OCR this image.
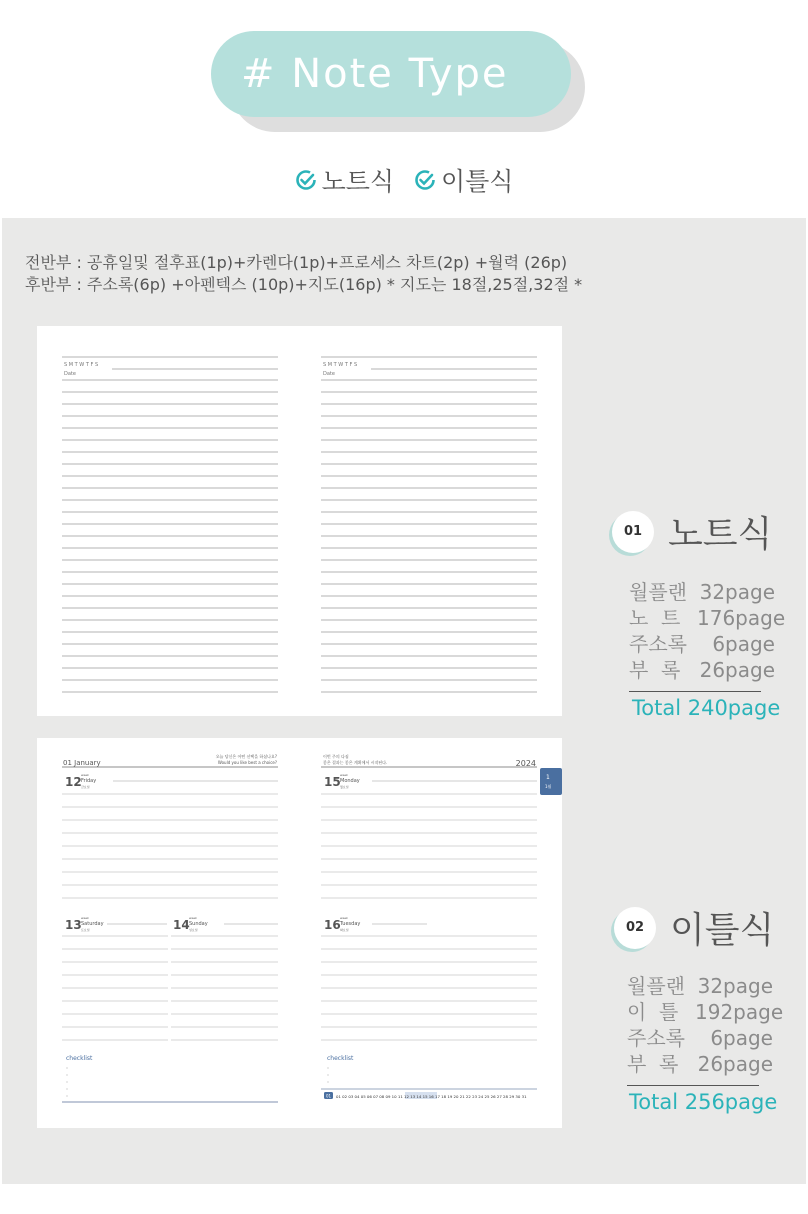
# Note Type
노트식
이틀식
전반부 : 공휴일및 절후표(1p)+카렌다(1p)+프로세스 차트(2p) +월력 (26p)
후반부 : 주소록(6p) +아펜텍스 (10p)+지도(16p) * 지도는 18절,25절,32절 *
S M T W T F S
Date
S M T W T F S
Date
01 January
오늘 당신은 어떤 선택을 하셨나요?
Would you like best a choice?
이번 주의 다짐
좋은 결과는 좋은 계획에서 시작된다.	2024
1
1월
12 week
Friday
금요일	15 week
Monday
월요일
13 week
Saturday
토요일	14 week
Sunday
일요일	16 week
Tuesday
화요일
checklist	checklist
01 01 02 03 04 05 06 07 08 09 10 11 12 13 14 15 16 17 18 19 20 21 22 23 24 25 26 27 28 29 30 31
01 노트식
월플랜 32page
노  트 176page
주소록	6page
부  록 26page
Total 240page
02 이틀식
월플랜 32page
이  틀 192page
주소록	6page
부  록 26page
Total 256page
